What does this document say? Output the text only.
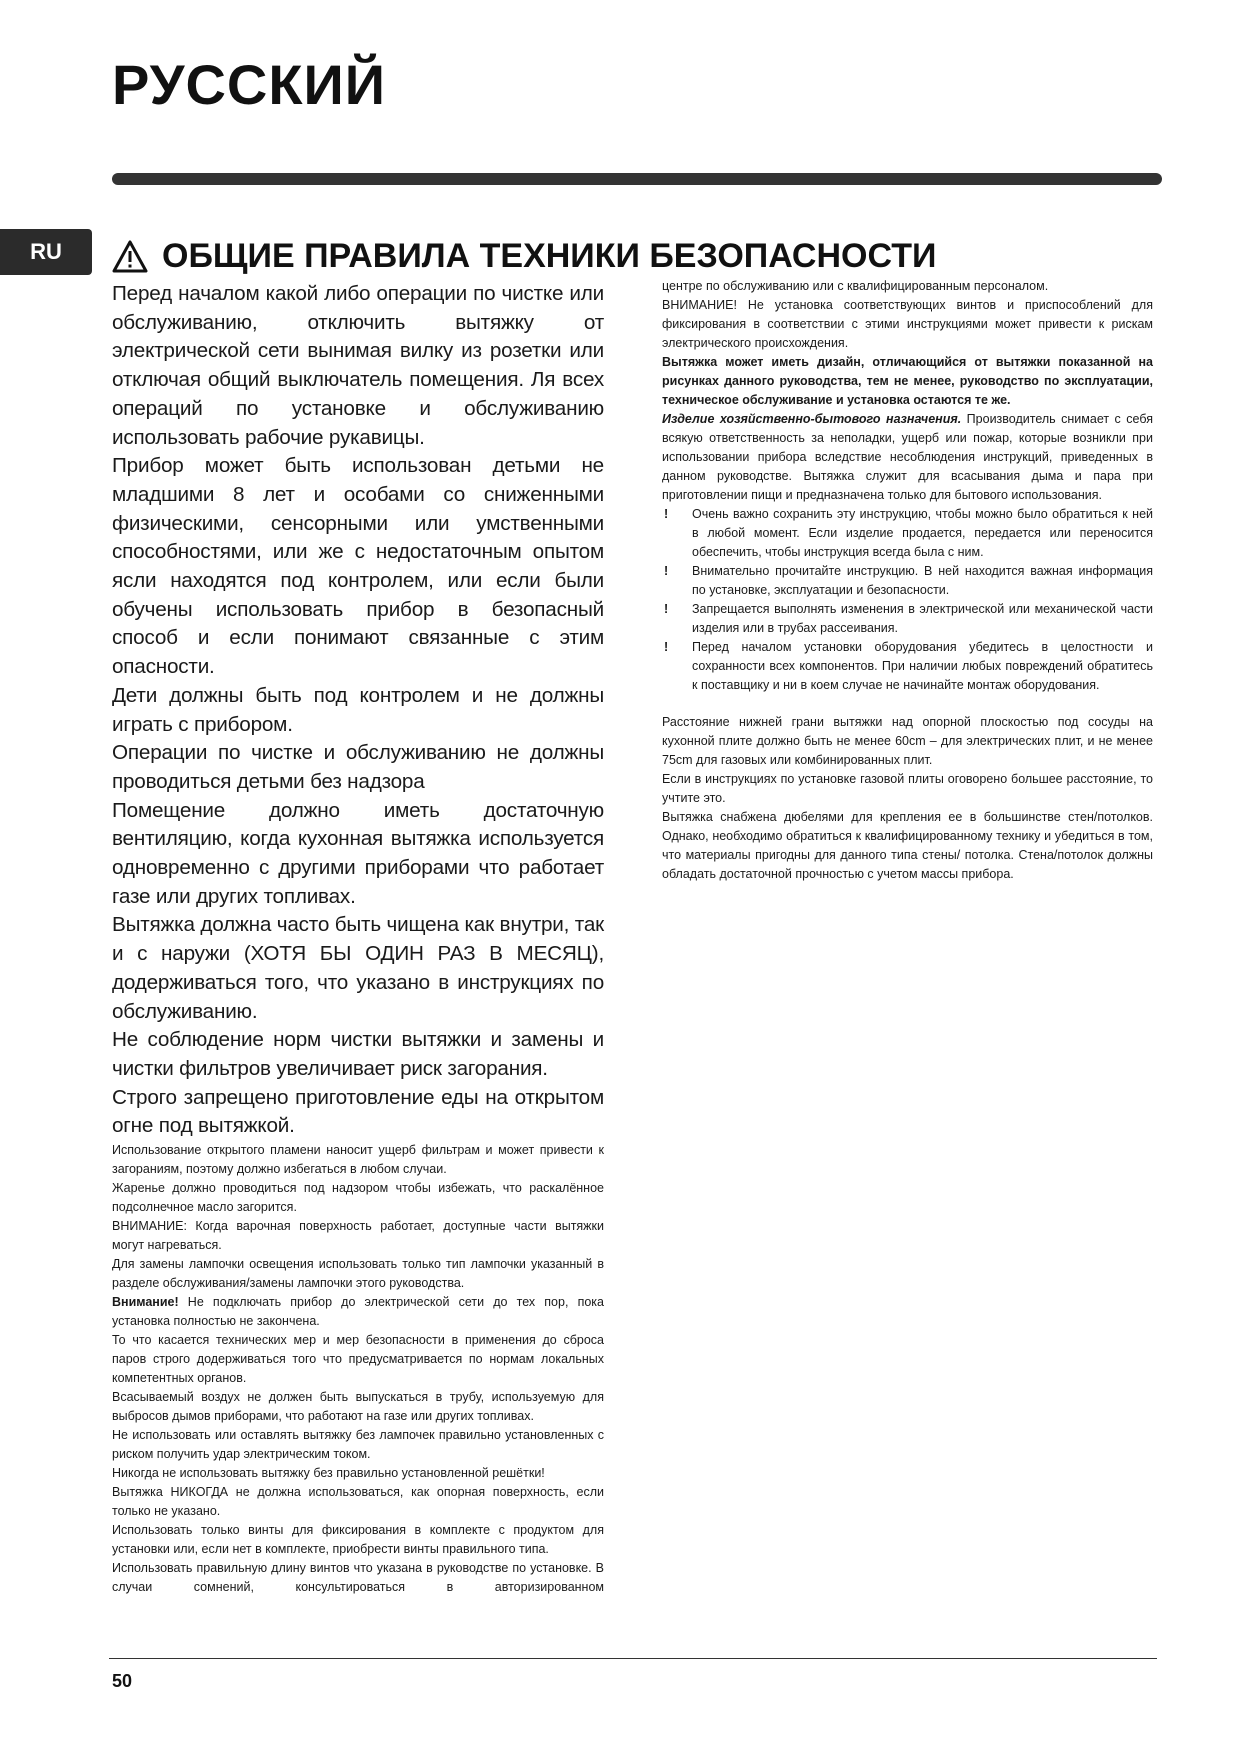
РУССКИЙ
RU	ОБЩИЕ ПРАВИЛА ТЕХНИКИ БЕЗОПАСНОСТИ

Перед началом какой либо операции по чистке или обслуживанию, отключить вытяжку от электрической сети вынимая вилку из розетки или отключая общий выключатель помещения. Ля всех операций по установке и обслуживанию использовать рабочие рукавицы.

Прибор может быть использован детьми не младшими 8 лет и особами со сниженными физическими, сенсорными или умственными способностями, или же с недостаточным опытом ясли находятся под контролем, или если были обучены использовать прибор в безопасный способ и если понимают связанные с этим опасности.

Дети должны быть под контролем и не должны играть с прибором.

Операции по чистке и обслуживанию не должны проводиться детьми без надзора

Помещение должно иметь достаточную вентиляцию, когда кухонная вытяжка используется одновременно с другими приборами что работает газе или других топливах.

Вытяжка должна часто быть чищена как внутри, так и с наружи (ХОТЯ БЫ ОДИН РАЗ В МЕСЯЦ), додерживаться того, что указано в инструкциях по обслуживанию.

Не соблюдение норм чистки вытяжки и замены и чистки фильтров увеличивает риск загорания.

Строго запрещено приготовление еды на открытом огне под вытяжкой.

Использование открытого пламени наносит ущерб фильтрам и может привести к загораниям, поэтому должно избегаться в любом случаи.

Жаренье должно проводиться под надзором чтобы избежать, что раскалённое подсолнечное масло загорится.

ВНИМАНИЕ: Когда варочная поверхность работает, доступные части вытяжки могут нагреваться.

Для замены лампочки освещения использовать только тип лампочки указанный в разделе обслуживания/замены лампочки этого руководства.

Внимание! Не подключать прибор до электрической сети до тех пор, пока установка полностью не закончена.

То что касается технических мер и мер безопасности в применения до сброса паров строго додерживаться того что предусматривается по нормам локальных компетентных органов.

Всасываемый воздух не должен быть выпускаться в трубу, используемую для выбросов дымов приборами, что работают на газе или других топливах.

Не использовать или оставлять вытяжку без лампочек правильно установленных с риском получить удар электрическим током.

Никогда не использовать вытяжку без правильно установленной решётки!

Вытяжка НИКОГДА не должна использоваться, как опорная поверхность, если только не указано.

Использовать только винты для фиксирования в комплекте с продуктом для установки или, если нет в комплекте, приобрести винты правильного типа.

Использовать правильную длину винтов что указана в руководстве по установке. В случаи сомнений, консультироваться в авторизированном

центре по обслуживанию или с квалифицированным персоналом.

ВНИМАНИЕ! Не установка соответствующих винтов и приспособлений для фиксирования в соответствии с этими инструкциями может привести к рискам электрического происхождения.

Вытяжка может иметь дизайн, отличающийся от вытяжки показанной на рисунках данного руководства, тем не менее, руководство по эксплуатации, техническое обслуживание и установка остаются те же.

Изделие хозяйственно-бытового назначения. Производитель снимает с себя всякую ответственность за неполадки, ущерб или пожар, которые возникли при использовании прибора вследствие несоблюдения инструкций, приведенных в данном руководстве. Вытяжка служит для всасывания дыма и пара при приготовлении пищи и предназначена только для бытового использования.

! Очень важно сохранить эту инструкцию, чтобы можно было обратиться к ней в любой момент. Если изделие продается, передается или переносится обеспечить, чтобы инструкция всегда была с ним.
! Внимательно прочитайте инструкцию. В ней находится важная информация по установке, эксплуатации и безопасности.
! Запрещается выполнять изменения в электрической или механической части изделия или в трубах рассеивания.
! Перед началом установки оборудования убедитесь в целостности и сохранности всех компонентов. При наличии любых повреждений обратитесь к поставщику и ни в коем случае не начинайте монтаж оборудования.

Расстояние нижней грани вытяжки над опорной плоскостью под сосуды на кухонной плите должно быть не менее 60cm – для электрических плит, и не менее 75cm для газовых или комбинированных плит.

Если в инструкциях по установке газовой плиты оговорено большее расстояние, то учтите это.

Вытяжка снабжена дюбелями для крепления ее в большинстве стен/потолков. Однако, необходимо обратиться к квалифицированному технику и убедиться в том, что материалы пригодны для данного типа стены/ потолка. Стена/потолок должны обладать достаточной прочностью с учетом массы прибора.

50
